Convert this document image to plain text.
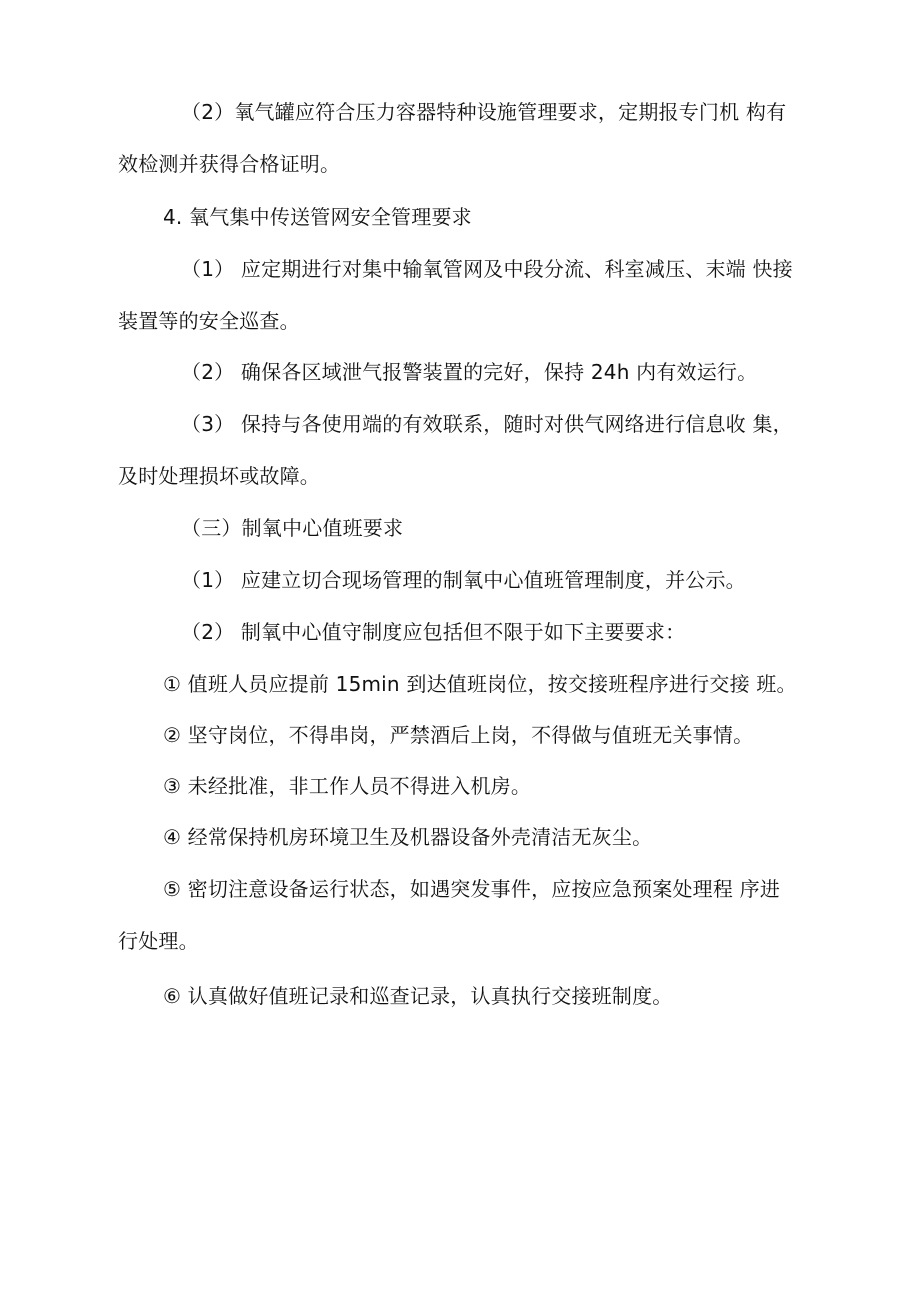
（2）氧气罐应符合压力容器特种设施管理要求，定期报专门机 构有

效检测并获得合格证明。

4. 氧气集中传送管网安全管理要求

（1） 应定期进行对集中输氧管网及中段分流、科室减压、末端 快接

装置等的安全巡查。

（2） 确保各区域泄气报警装置的完好，保持 24h 内有效运行。

（3） 保持与各使用端的有效联系，随时对供气网络进行信息收 集，

及时处理损坏或故障。

（三）制氧中心值班要求

（1） 应建立切合现场管理的制氧中心值班管理制度，并公示。

（2） 制氧中心值守制度应包括但不限于如下主要要求：

① 值班人员应提前 15min 到达值班岗位，按交接班程序进行交接 班。

② 坚守岗位，不得串岗，严禁酒后上岗，不得做与值班无关事情。

③ 未经批准，非工作人员不得进入机房。

④ 经常保持机房环境卫生及机器设备外壳清洁无灰尘。

⑤ 密切注意设备运行状态，如遇突发事件，应按应急预案处理程 序进

行处理。

⑥ 认真做好值班记录和巡查记录，认真执行交接班制度。
